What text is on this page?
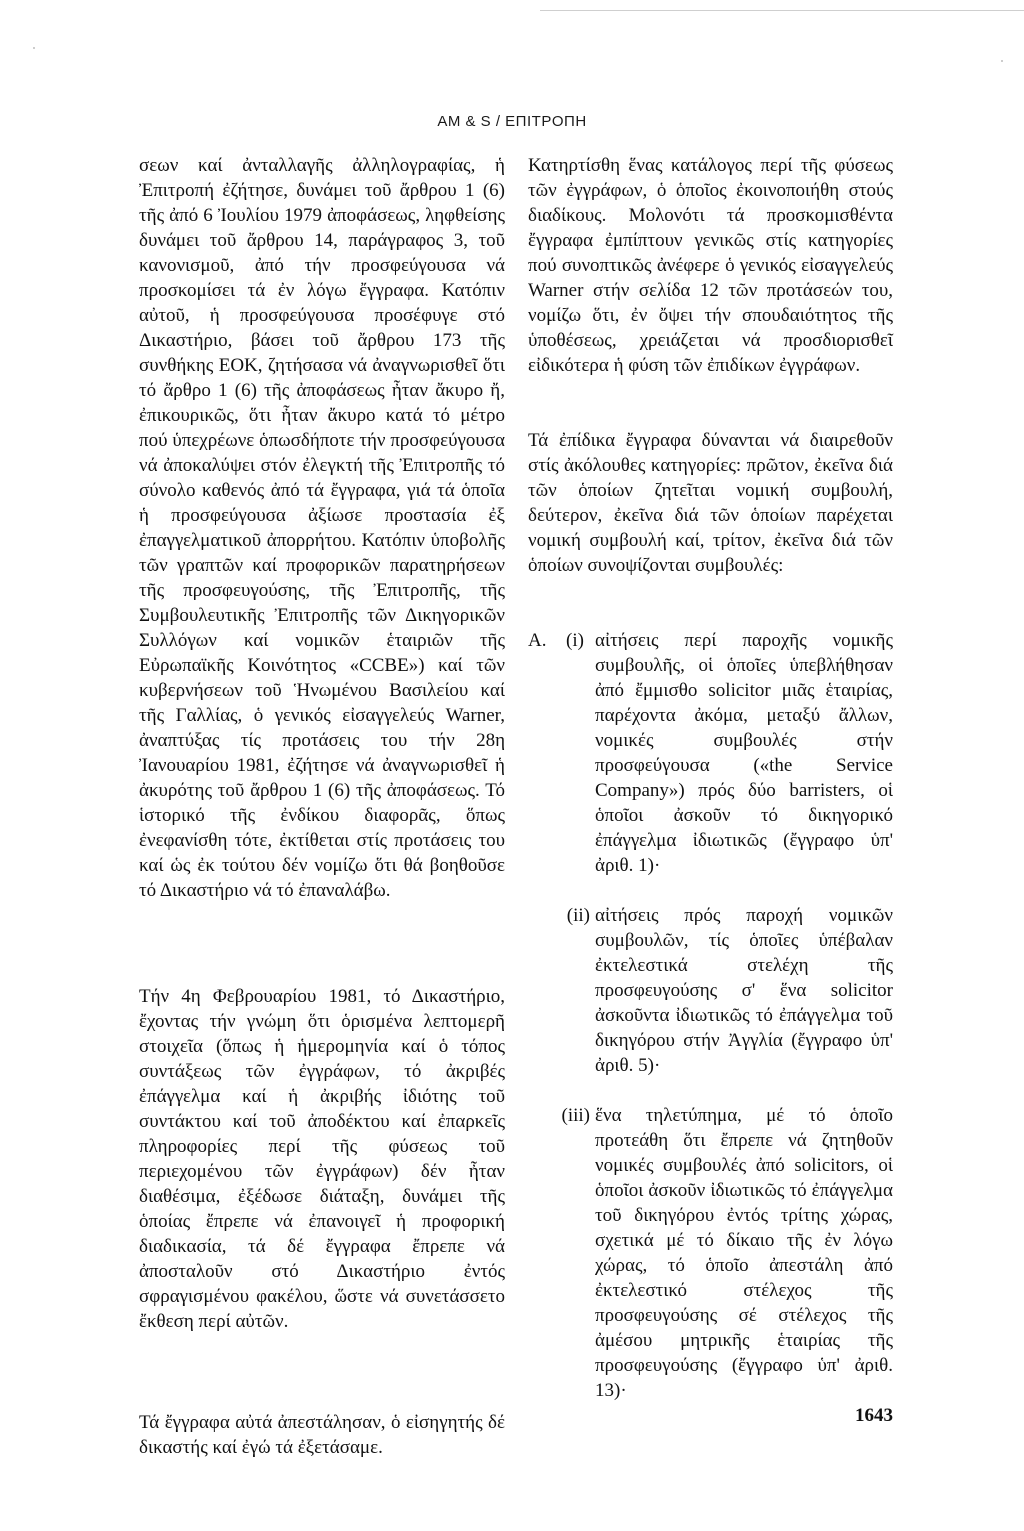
AM & S / ΕΠΙΤΡΟΠΗ

σεων καί ἀνταλλαγῆς ἀλληλογραφίας, ἡ Ἐπιτροπή ἐζήτησε, δυνάμει τοῦ ἄρθρου 1 (6) τῆς ἀπό 6 Ἰουλίου 1979 ἀποφάσεως, ληφθείσης δυνάμει τοῦ ἄρθρου 14, παράγραφος 3, τοῦ κανονισμοῦ, ἀπό τήν προσφεύγουσα νά προσκομίσει τά ἐν λόγω ἔγγραφα. Κατόπιν αὐτοῦ, ἡ προσφεύγουσα προσέφυγε στό Δικαστήριο, βάσει τοῦ ἄρθρου 173 τῆς συνθήκης ΕΟΚ, ζητήσασα νά ἀναγνωρισθεῖ ὅτι τό ἄρθρο 1 (6) τῆς ἀποφάσεως ἦταν ἄκυρο ἤ, ἐπικουρικῶς, ὅτι ἦταν ἄκυρο κατά τό μέτρο πού ὑπεχρέωνε ὁπωσδήποτε τήν προσφεύγουσα νά ἀποκαλύψει στόν ἐλεγκτή τῆς Ἐπιτροπῆς τό σύνολο καθενός ἀπό τά ἔγγραφα, γιά τά ὁποῖα ἡ προσφεύγουσα ἀξίωσε προστασία ἐξ ἐπαγγελματικοῦ ἀπορρήτου. Κατόπιν ὑποβολῆς τῶν γραπτῶν καί προφορικῶν παρατηρήσεων τῆς προσφευγούσης, τῆς Ἐπιτροπῆς, τῆς Συμβουλευτικῆς Ἐπιτροπῆς τῶν Δικηγορικῶν Συλλόγων καί νομικῶν ἑταιριῶν τῆς Εὐρωπαϊκῆς Κοινότητος «CCBE») καί τῶν κυβερνήσεων τοῦ Ἡνωμένου Βασιλείου καί τῆς Γαλλίας, ὁ γενικός εἰσαγγελεύς Warner, ἀναπτύξας τίς προτάσεις του τήν 28η Ἰανουαρίου 1981, ἐζήτησε νά ἀναγνωρισθεῖ ἡ ἀκυρότης τοῦ ἄρθρου 1 (6) τῆς ἀποφάσεως. Τό ἱστορικό τῆς ἐνδίκου διαφορᾶς, ὅπως ἐνεφανίσθη τότε, ἐκτίθεται στίς προτάσεις του καί ὡς ἐκ τούτου δέν νομίζω ὅτι θά βοηθοῦσε τό Δικαστήριο νά τό ἐπαναλάβω.

Τήν 4η Φεβρουαρίου 1981, τό Δικαστήριο, ἔχοντας τήν γνώμη ὅτι ὁρισμένα λεπτομερῆ στοιχεῖα (ὅπως ἡ ἡμερομηνία καί ὁ τόπος συντάξεως τῶν ἐγγράφων, τό ἀκριβές ἐπάγγελμα καί ἡ ἀκριβής ἰδιότης τοῦ συντάκτου καί τοῦ ἀποδέκτου καί ἐπαρκεῖς πληροφορίες περί τῆς φύσεως τοῦ περιεχομένου τῶν ἐγγράφων) δέν ἦταν διαθέσιμα, ἐξέδωσε διάταξη, δυνάμει τῆς ὁποίας ἔπρεπε νά ἐπανοιγεῖ ἡ προφορική διαδικασία, τά δέ ἔγγραφα ἔπρεπε νά ἀποσταλοῦν στό Δικαστήριο ἐντός σφραγισμένου φακέλου, ὥστε νά συνετάσσετο ἔκθεση περί αὐτῶν.

Τά ἔγγραφα αὐτά ἀπεστάλησαν, ὁ εἰσηγητής δέ δικαστής καί ἐγώ τά ἐξετάσαμε.

Κατηρτίσθη ἕνας κατάλογος περί τῆς φύσεως τῶν ἐγγράφων, ὁ ὁποῖος ἐκοινοποιήθη στούς διαδίκους. Μολονότι τά προσκομισθέντα ἔγγραφα ἐμπίπτουν γενικῶς στίς κατηγορίες πού συνοπτικῶς ἀνέφερε ὁ γενικός εἰσαγγελεύς Warner στήν σελίδα 12 τῶν προτάσεών του, νομίζω ὅτι, ἐν ὄψει τήν σπουδαιότητος τῆς ὑποθέσεως, χρειάζεται νά προσδιορισθεῖ εἰδικότερα ἡ φύση τῶν ἐπιδίκων ἐγγράφων.

Τά ἐπίδικα ἔγγραφα δύνανται νά διαιρεθοῦν στίς ἀκόλουθες κατηγορίες: πρῶτον, ἐκεῖνα διά τῶν ὁποίων ζητεῖται νομική συμβουλή, δεύτερον, ἐκεῖνα διά τῶν ὁποίων παρέχεται νομική συμβουλή καί, τρίτον, ἐκεῖνα διά τῶν ὁποίων συνοψίζονται συμβουλές:

A. (i) αἰτήσεις περί παροχῆς νομικῆς συμβουλῆς, οἱ ὁποῖες ὑπεβλήθησαν ἀπό ἔμμισθο solicitor μιᾶς ἑταιρίας, παρέχοντα ἀκόμα, μεταξύ ἄλλων, νομικές συμβουλές στήν προσφεύγουσα («the Service Company») πρός δύο barristers, οἱ ὁποῖοι ἀσκοῦν τό δικηγορικό ἐπάγγελμα ἰδιωτικῶς (ἔγγραφο ὑπ' ἀριθ. 1)·
(ii) αἰτήσεις πρός παροχή νομικῶν συμβουλῶν, τίς ὁποῖες ὑπέβαλαν ἐκτελεστικά στελέχη τῆς προσφευγούσης σ' ἕνα solicitor ἀσκοῦντα ἰδιωτικῶς τό ἐπάγγελμα τοῦ δικηγόρου στήν Ἀγγλία (ἔγγραφο ὑπ' ἀριθ. 5)·
(iii) ἕνα τηλετύπημα, μέ τό ὁποῖο προτεάθη ὅτι ἔπρεπε νά ζητηθοῦν νομικές συμβουλές ἀπό solicitors, οἱ ὁποῖοι ἀσκοῦν ἰδιωτικῶς τό ἐπάγγελμα τοῦ δικηγόρου ἐντός τρίτης χώρας, σχετικά μέ τό δίκαιο τῆς ἐν λόγω χώρας, τό ὁποῖο ἀπεστάλη ἀπό ἐκτελεστικό στέλεχος τῆς προσφευγούσης σέ στέλεχος τῆς ἀμέσου μητρικῆς ἑταιρίας τῆς προσφευγούσης (ἔγγραφο ὑπ' ἀριθ. 13)·
1643
